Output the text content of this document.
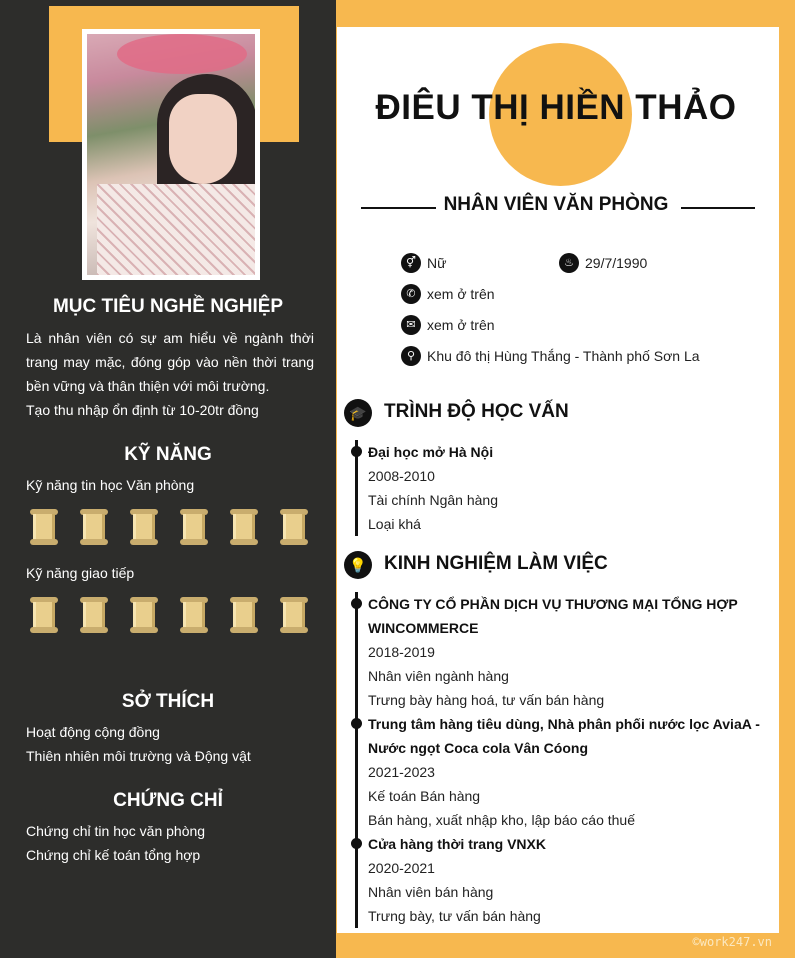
MỤC TIÊU NGHỀ NGHIỆP
Là nhân viên có sự am hiểu về ngành thời trang may mặc, đóng góp vào nền thời trang bền vững và thân thiện với môi trường.
Tạo thu nhập ổn định từ 10-20tr đồng
KỸ NĂNG
Kỹ năng tin học Văn phòng
Kỹ năng giao tiếp
SỞ THÍCH
Hoạt động cộng đồng
Thiên nhiên môi trường và Động vật
CHỨNG CHỈ
Chứng chỉ tin học văn phòng
Chứng chỉ kế toán tổng hợp
ĐIÊU THỊ HIỀN THẢO
NHÂN VIÊN VĂN PHÒNG
⚥ Nữ	♨ 29/7/1990
✆ xem ở trên
✉ xem ở trên
⚲ Khu đô thị Hùng Thắng - Thành phố Sơn La
🎓 TRÌNH ĐỘ HỌC VẤN
Đại học mở Hà Nội
2008-2010
Tài chính Ngân hàng
Loại khá
💡 KINH NGHIỆM LÀM VIỆC
CÔNG TY CỔ PHẦN DỊCH VỤ THƯƠNG MẠI TỔNG HỢP
WINCOMMERCE
2018-2019
Nhân viên ngành hàng
Trưng bày hàng hoá, tư vấn bán hàng
Trung tâm hàng tiêu dùng, Nhà phân phối nước lọc AviaA -
Nước ngọt Coca cola Vân Cóong
2021-2023
Kế toán Bán hàng
Bán hàng, xuất nhập kho, lập báo cáo thuế
Cửa hàng thời trang VNXK
2020-2021
Nhân viên bán hàng
Trưng bày, tư vấn bán hàng
©work247.vn
